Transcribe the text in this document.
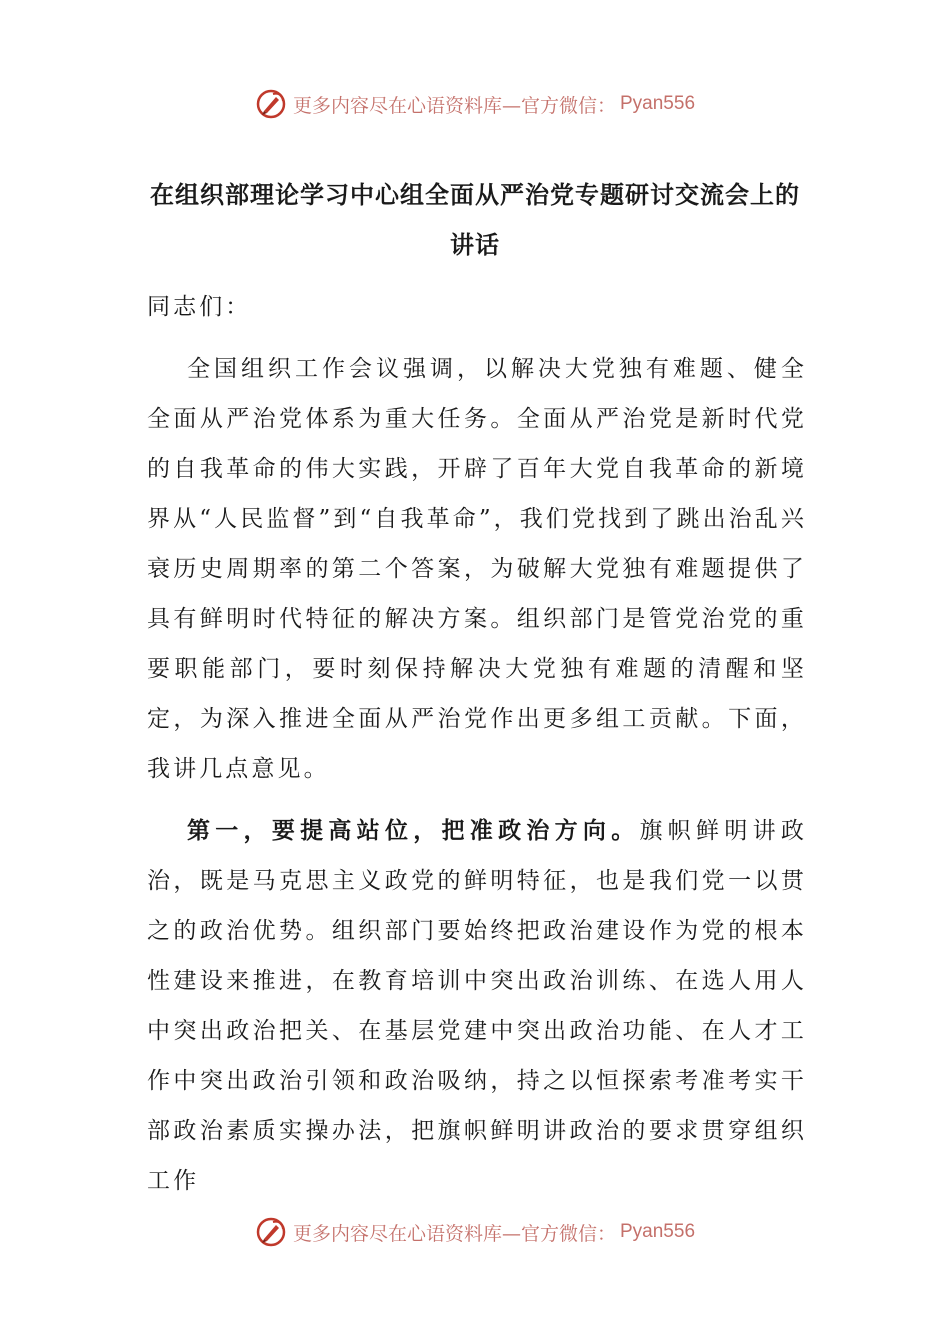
更多内容尽在心语资料库—官方微信： Pyan556
在组织部理论学习中心组全面从严治党专题研讨交流会上的讲话

同志们：

全国组织工作会议强调，以解决大党独有难题、健全全面从严治党体系为重大任务。全面从严治党是新时代党的自我革命的伟大实践，开辟了百年大党自我革命的新境界从“人民监督”到“自我革命”，我们党找到了跳出治乱兴衰历史周期率的第二个答案，为破解大党独有难题提供了具有鲜明时代特征的解决方案。组织部门是管党治党的重要职能部门，要时刻保持解决大党独有难题的清醒和坚定，为深入推进全面从严治党作出更多组工贡献。下面，我讲几点意见。

第一，要提高站位，把准政治方向。旗帜鲜明讲政治，既是马克思主义政党的鲜明特征，也是我们党一以贯之的政治优势。组织部门要始终把政治建设作为党的根本性建设来推进，在教育培训中突出政治训练、在选人用人中突出政治把关、在基层党建中突出政治功能、在人才工作中突出政治引领和政治吸纳，持之以恒探索考准考实干部政治素质实操办法，把旗帜鲜明讲政治的要求贯穿组织工作

更多内容尽在心语资料库—官方微信： Pyan556
